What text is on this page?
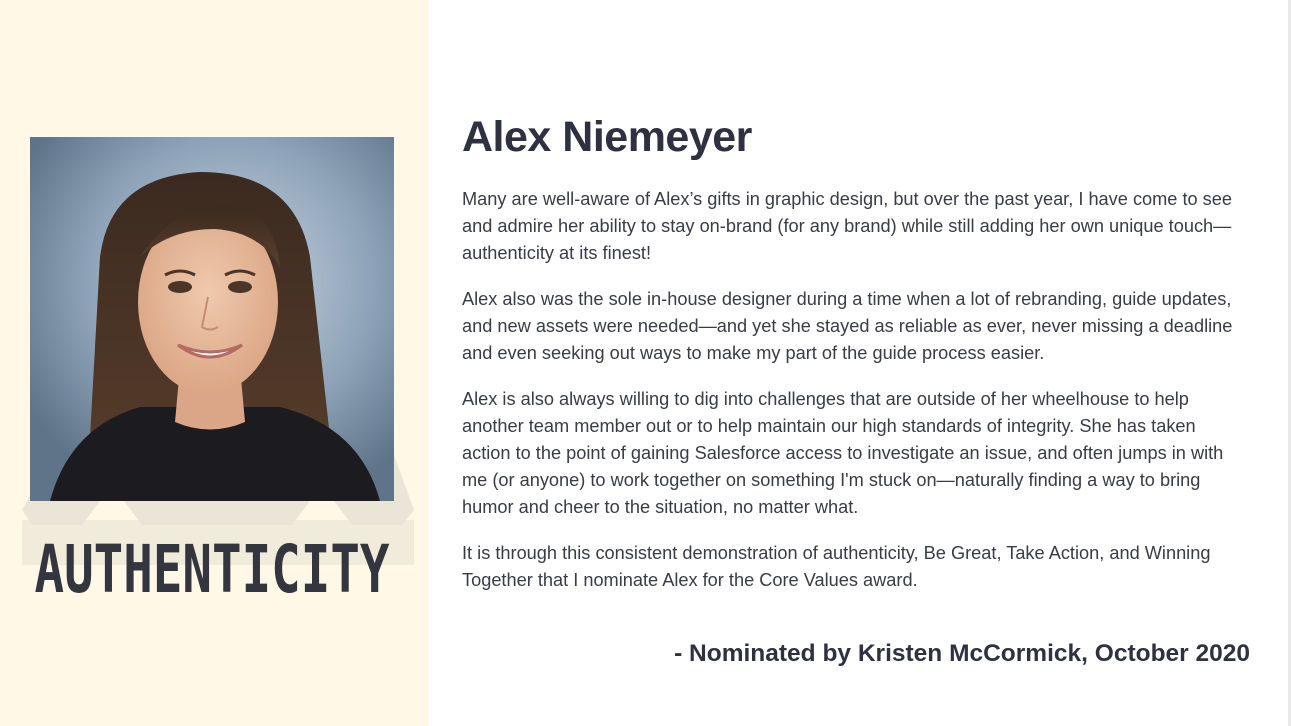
AUTHENTICITY
Alex Niemeyer

Many are well-aware of Alex’s gifts in graphic design, but over the past year, I have come to see and admire her ability to stay on-brand (for any brand) while still adding her own unique touch—authenticity at its finest!

Alex also was the sole in-house designer during a time when a lot of rebranding, guide updates, and new assets were needed—and yet she stayed as reliable as ever, never missing a deadline and even seeking out ways to make my part of the guide process easier.

Alex is also always willing to dig into challenges that are outside of her wheelhouse to help another team member out or to help maintain our high standards of integrity. She has taken action to the point of gaining Salesforce access to investigate an issue, and often jumps in with me (or anyone) to work together on something I'm stuck on—naturally finding a way to bring humor and cheer to the situation, no matter what.

It is through this consistent demonstration of authenticity, Be Great, Take Action, and Winning Together that I nominate Alex for the Core Values award.

- Nominated by Kristen McCormick, October 2020
